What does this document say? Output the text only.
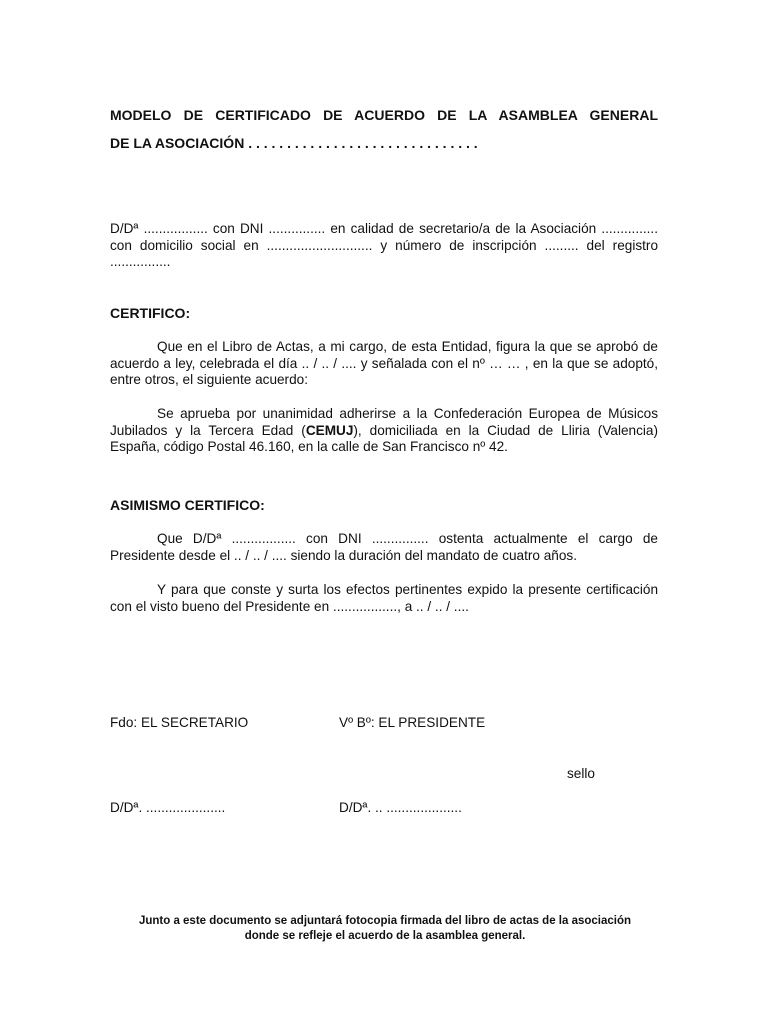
MODELO DE CERTIFICADO DE ACUERDO DE LA ASAMBLEA GENERAL
DE LA ASOCIACIÓN . . . . . . . . . . . . . . . . . . . . . . . . . . . . . .
D/Dª ................. con DNI ............... en calidad de secretario/a de la Asociación ............... con domicilio social en ............................ y número de inscripción ......... del registro ................
CERTIFICO:
Que en el Libro de Actas, a mi cargo, de esta Entidad, figura la que se aprobó de acuerdo a ley, celebrada el día .. / .. / .... y señalada con el nº … … , en la que se adoptó, entre otros, el siguiente acuerdo:
Se aprueba por unanimidad adherirse a la Confederación Europea de Músicos Jubilados y la Tercera Edad (CEMUJ), domiciliada en la Ciudad de Lliria (Valencia) España, código Postal 46.160, en la calle de San Francisco nº 42.
ASIMISMO CERTIFICO:
Que D/Dª ................. con DNI ............... ostenta actualmente el cargo de Presidente desde el .. / .. / .... siendo la duración del mandato de cuatro años.
Y para que conste y surta los efectos pertinentes expido la presente certificación con el visto bueno del Presidente en ................., a .. / .. / ....
Fdo: EL SECRETARIO	Vº Bº: EL PRESIDENTE
sello
D/Dª. .....................	D/Dª. .. ....................
Junto a este documento se adjuntará fotocopia firmada del libro de actas de la asociación donde se refleje el acuerdo de la asamblea general.
